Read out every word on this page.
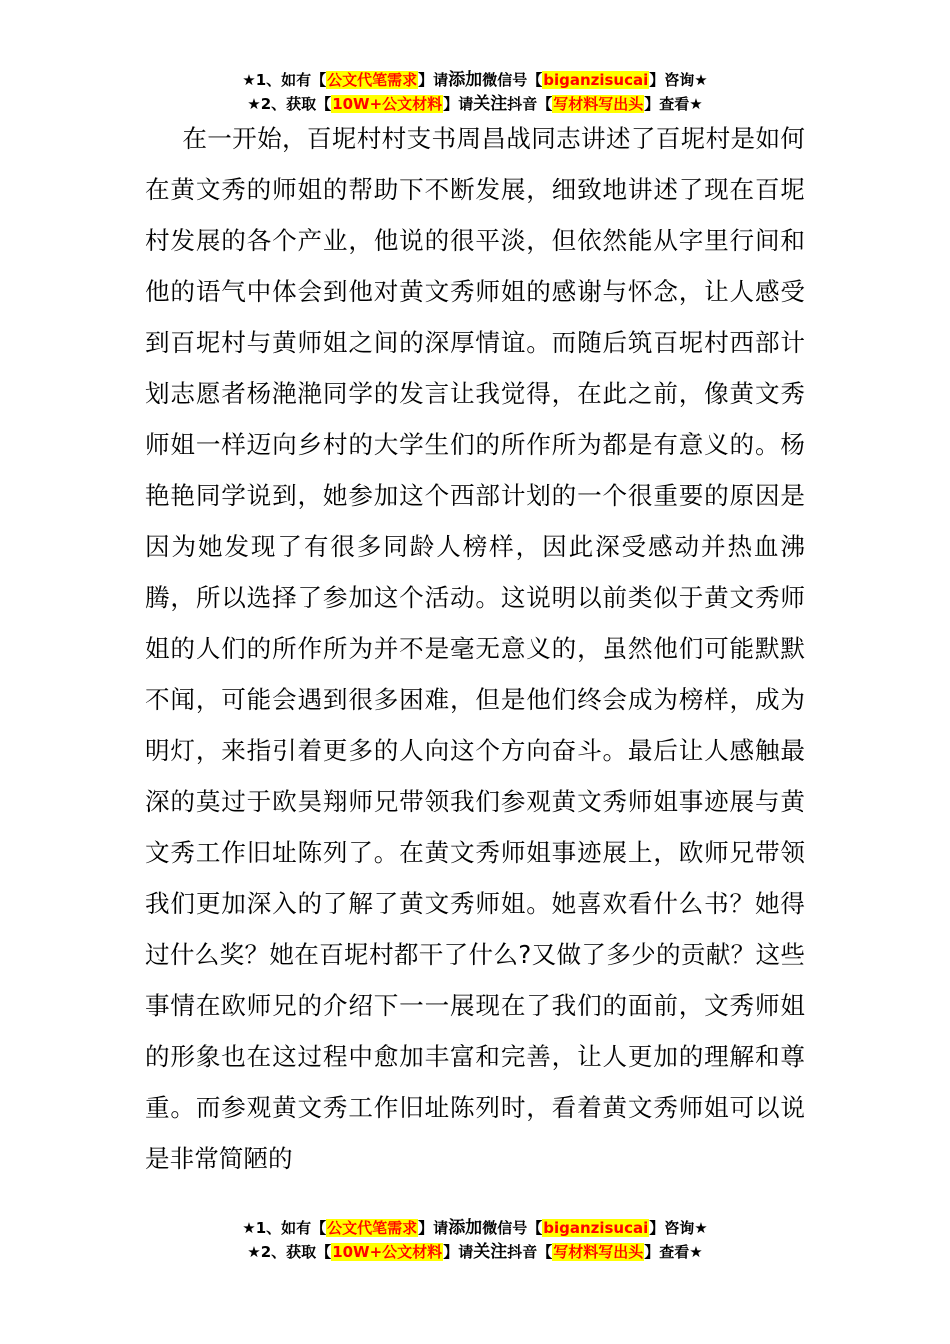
★1、如有【公文代笔需求】请添加微信号【biganzisucai】咨询★
★2、获取【10W+公文材料】请关注抖音【写材料写出头】查看★

在一开始，百坭村村支书周昌战同志讲述了百坭村是如何在黄文秀的师姐的帮助下不断发展，细致地讲述了现在百坭村发展的各个产业，他说的很平淡，但依然能从字里行间和他的语气中体会到他对黄文秀师姐的感谢与怀念，让人感受到百坭村与黄师姐之间的深厚情谊。而随后筑百坭村西部计划志愿者杨滟滟同学的发言让我觉得，在此之前，像黄文秀师姐一样迈向乡村的大学生们的所作所为都是有意义的。杨艳艳同学说到，她参加这个西部计划的一个很重要的原因是因为她发现了有很多同龄人榜样，因此深受感动并热血沸腾，所以选择了参加这个活动。这说明以前类似于黄文秀师姐的人们的所作所为并不是毫无意义的，虽然他们可能默默不闻，可能会遇到很多困难，但是他们终会成为榜样，成为明灯，来指引着更多的人向这个方向奋斗。最后让人感触最深的莫过于欧昊翔师兄带领我们参观黄文秀师姐事迹展与黄文秀工作旧址陈列了。在黄文秀师姐事迹展上，欧师兄带领我们更加深入的了解了黄文秀师姐。她喜欢看什么书？她得过什么奖？她在百坭村都干了什么?又做了多少的贡献？这些事情在欧师兄的介绍下一一展现在了我们的面前，文秀师姐的形象也在这过程中愈加丰富和完善，让人更加的理解和尊重。而参观黄文秀工作旧址陈列时，看着黄文秀师姐可以说是非常简陋的

★1、如有【公文代笔需求】请添加微信号【biganzisucai】咨询★
★2、获取【10W+公文材料】请关注抖音【写材料写出头】查看★
